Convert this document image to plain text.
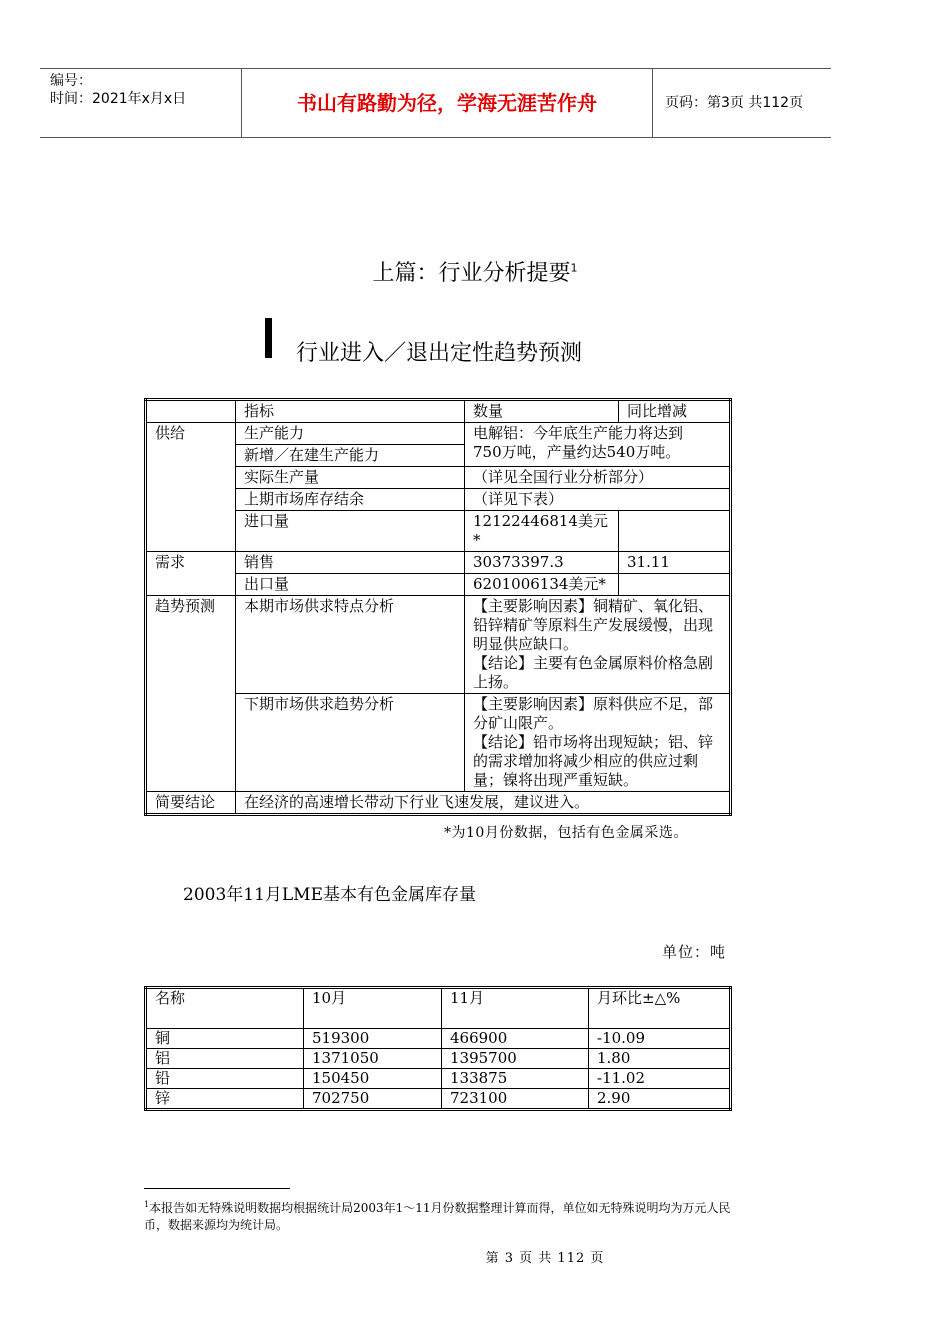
编号：
时间：2021年x月x日	书山有路勤为径，学海无涯苦作舟	页码：第3页 共112页
上篇：行业分析提要$^1$
行业进入／退出定性趋势预测
	指标	数量	同比增减
供给	生产能力	电解铝：今年底生产能力将达到750万吨，产量约达540万吨。	
	新增／在建生产能力		
	实际生产量	（详见全国行业分析部分）	
	上期市场库存结余	（详见下表）	
	进口量	12122446814美元*	
需求	销售	30373397.3	31.11
	出口量	6201006134美元*	
趋势预测	本期市场供求特点分析	【主要影响因素】铜精矿、氧化铝、铅锌精矿等原料生产发展缓慢，出现明显供应缺口。
【结论】主要有色金属原料价格急剧上扬。	

	下期市场供求趋势分析	【主要影响因素】原料供应不足，部分矿山限产。
【结论】铅市场将出现短缺；铝、锌的需求增加将减少相应的供应过剩量；镍将出现严重短缺。	

简要结论	在经济的高速增长带动下行业飞速发展，建议进入。		
*为10月份数据，包括有色金属采选。
2003年11月LME基本有色金属库存量
单位：吨
名称	10月	11月	月环比±△%
铜	519300	466900	-10.09
铝	1371050	1395700	1.80
铅	150450	133875	-11.02
锌	702750	723100	2.90
$^1$本报告如无特殊说明数据均根据统计局2003年1～11月份数据整理计算而得，单位如无特殊说明均为万元人民币，数据来源均为统计局。
第 3 页 共 112 页
